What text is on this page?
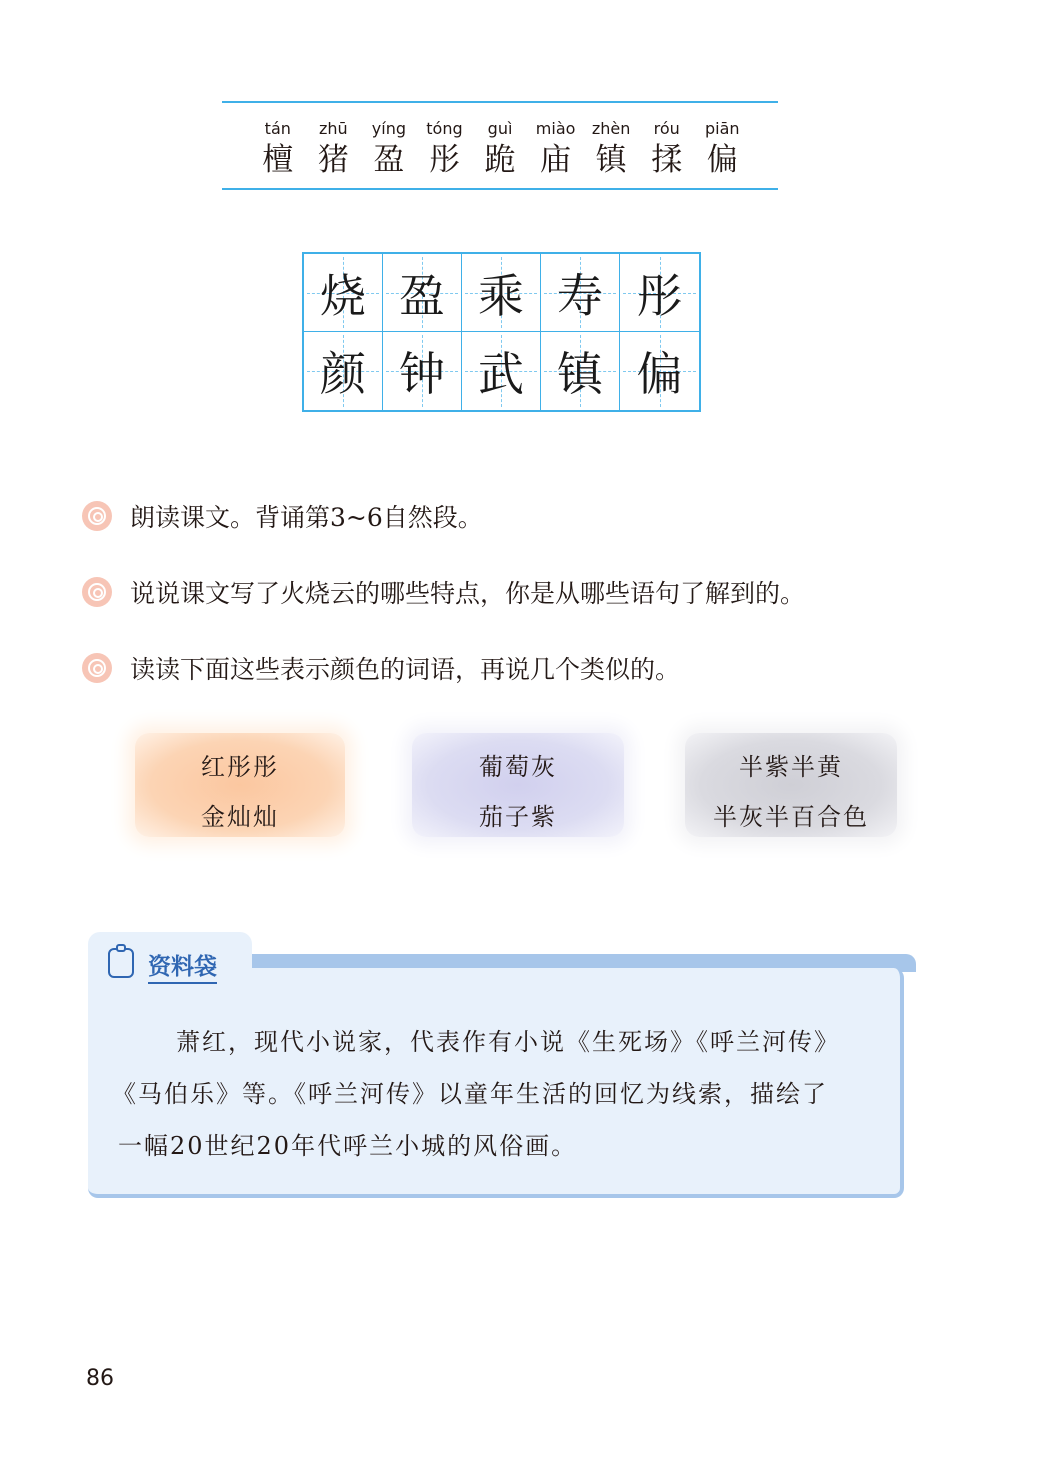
tán
檀
zhū
猪
yíng
盈
tóng
彤
guì
跪
miào
庙
zhèn
镇
róu
揉
piān
偏
烧 盈 乘 寿 彤
颜 钟 武 镇 偏
朗读课文。背诵第3~6自然段。
说说课文写了火烧云的哪些特点，你是从哪些语句了解到的。
读读下面这些表示颜色的词语，再说几个类似的。
红彤彤
金灿灿
葡萄灰
茄子紫
半紫半黄
半灰半百合色
资料袋
萧红，现代小说家，代表作有小说《生死场》《呼兰河传》
《马伯乐》等。《呼兰河传》以童年生活的回忆为线索，描绘了
一幅20世纪20年代呼兰小城的风俗画。
86
